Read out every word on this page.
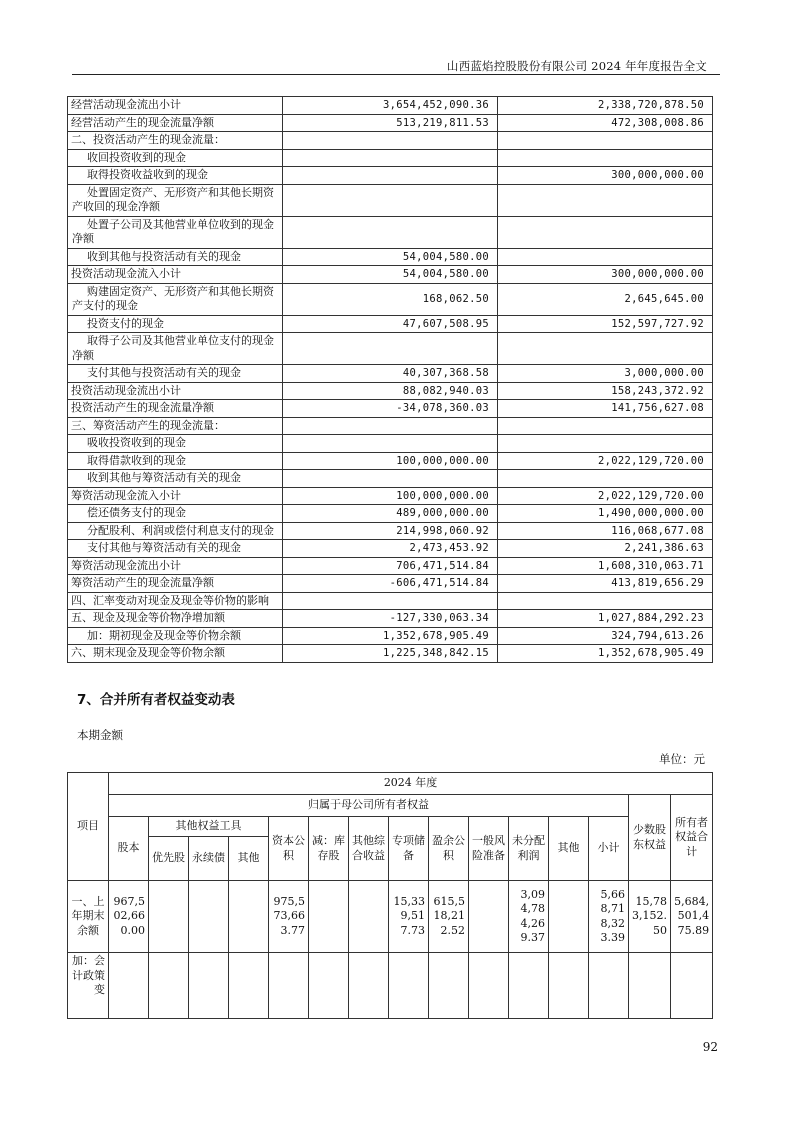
山西蓝焰控股股份有限公司 2024 年年度报告全文
经营活动现金流出小计	3,654,452,090.36	2,338,720,878.50
经营活动产生的现金流量净额	513,219,811.53	472,308,008.86
二、投资活动产生的现金流量：		
收回投资收到的现金		
取得投资收益收到的现金		300,000,000.00
处置固定资产、无形资产和其他长期资产收回的现金净额		
处置子公司及其他营业单位收到的现金净额		
收到其他与投资活动有关的现金	54,004,580.00	
投资活动现金流入小计	54,004,580.00	300,000,000.00
购建固定资产、无形资产和其他长期资产支付的现金	168,062.50	2,645,645.00
投资支付的现金	47,607,508.95	152,597,727.92
取得子公司及其他营业单位支付的现金净额		
支付其他与投资活动有关的现金	40,307,368.58	3,000,000.00
投资活动现金流出小计	88,082,940.03	158,243,372.92
投资活动产生的现金流量净额	-34,078,360.03	141,756,627.08
三、筹资活动产生的现金流量：		
吸收投资收到的现金		
取得借款收到的现金	100,000,000.00	2,022,129,720.00
收到其他与筹资活动有关的现金		
筹资活动现金流入小计	100,000,000.00	2,022,129,720.00
偿还债务支付的现金	489,000,000.00	1,490,000,000.00
分配股利、利润或偿付利息支付的现金	214,998,060.92	116,068,677.08
支付其他与筹资活动有关的现金	2,473,453.92	2,241,386.63
筹资活动现金流出小计	706,471,514.84	1,608,310,063.71
筹资活动产生的现金流量净额	-606,471,514.84	413,819,656.29
四、汇率变动对现金及现金等价物的影响		
五、现金及现金等价物净增加额	-127,330,063.34	1,027,884,292.23
加：期初现金及现金等价物余额	1,352,678,905.49	324,794,613.26
六、期末现金及现金等价物余额	1,225,348,842.15	1,352,678,905.49
7、合并所有者权益变动表
本期金额
单位：元
项目	2024 年度														
	归属于母公司所有者权益													少数股东权益	所有者权益合计
	股本	其他权益工具			资本公积	减：库存股	其他综合收益	专项储备	盈余公积	一般风险准备	未分配利润	其他	小计		
		优先股	永续债	其他											
一、上年期末余额	967,502,660.00				975,573,663.77			15,339,517.73	615,518,212.52		3,094,784,269.37		5,668,718,323.39	15,783,152.50	5,684,501,475.89
加：会计政策变															
92
